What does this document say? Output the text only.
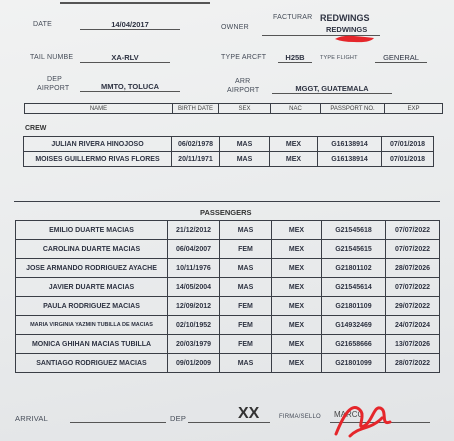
DATE	14/04/2017	OWNER
FACTURAR REDWINGS
REDWINGS
TAIL NUMBE	XA-RLV	TYPE ARCFT	H25B	TYPE FLIGHT	GENERAL
DEP
AIRPORT	MMTO, TOLUCA
ARR
AIRPORT	MGGT, GUATEMALA
NAME	BIRTH DATE	SEX	NAC	PASSPORT NO.	EXP
CREW
JULIAN RIVERA HINOJOSO	06/02/1978	MAS	MEX	G16138914	07/01/2018
MOISES GUILLERMO RIVAS FLORES	20/11/1971	MAS	MEX	G16138914	07/01/2018
PASSENGERS
EMILIO DUARTE MACIAS	21/12/2012	MAS	MEX	G21545618	07/07/2022
CAROLINA DUARTE MACIAS	06/04/2007	FEM	MEX	G21545615	07/07/2022
JOSE ARMANDO RODRIGUEZ AYACHE	10/11/1976	MAS	MEX	G21801102	28/07/2026
JAVIER DUARTE MACIAS	14/05/2004	MAS	MEX	G21545614	07/07/2022
PAULA RODRIGUEZ MACIAS	12/09/2012	FEM	MEX	G21801109	29/07/2022
MARIA VIRGINIA YAZMIN TUBILLA DE MACIAS	02/10/1952	FEM	MEX	G14932469	24/07/2024
MONICA GHIHAN MACIAS TUBILLA	20/03/1979	FEM	MEX	G21658666	13/07/2026
SANTIAGO RODRIGUEZ MACIAS	09/01/2009	MAS	MEX	G21801099	28/07/2022
ARRIVAL	DEP	XX	FIRMA/SELLO MARCO
